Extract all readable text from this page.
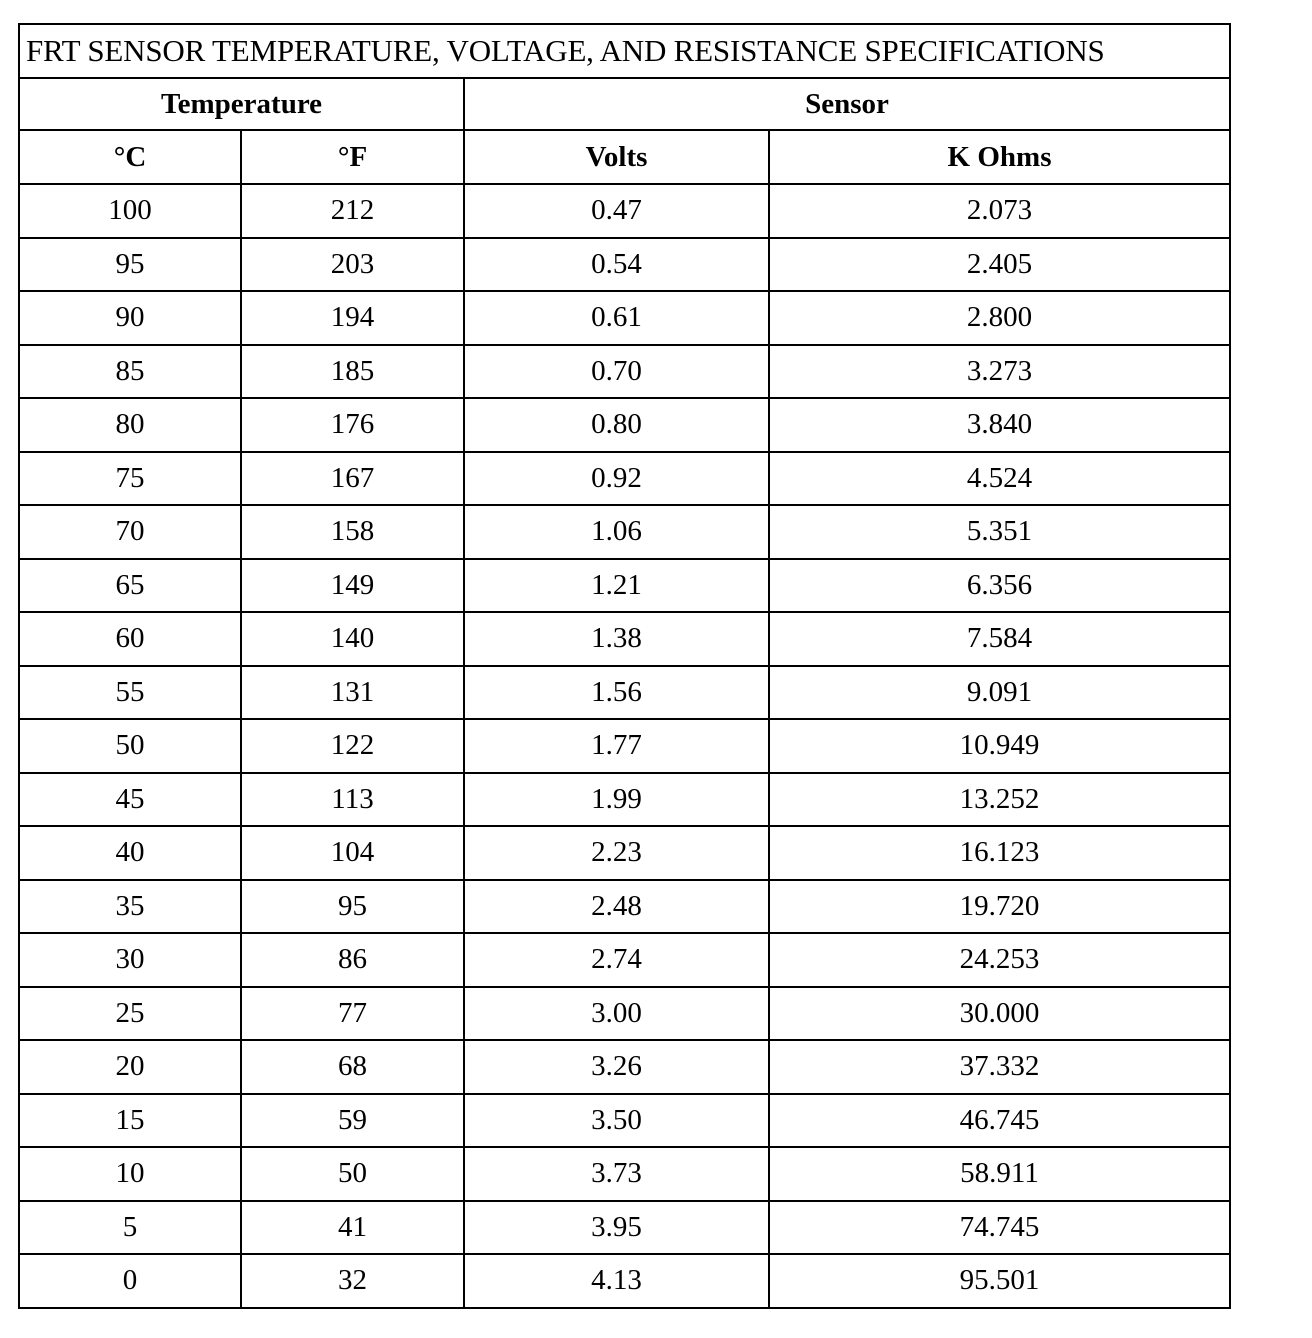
FRT SENSOR TEMPERATURE, VOLTAGE, AND RESISTANCE SPECIFICATIONS			
Temperature		Sensor	
°C	°F	Volts	K Ohms
100	212	0.47	2.073
95	203	0.54	2.405
90	194	0.61	2.800
85	185	0.70	3.273
80	176	0.80	3.840
75	167	0.92	4.524
70	158	1.06	5.351
65	149	1.21	6.356
60	140	1.38	7.584
55	131	1.56	9.091
50	122	1.77	10.949
45	113	1.99	13.252
40	104	2.23	16.123
35	95	2.48	19.720
30	86	2.74	24.253
25	77	3.00	30.000
20	68	3.26	37.332
15	59	3.50	46.745
10	50	3.73	58.911
5	41	3.95	74.745
0	32	4.13	95.501
